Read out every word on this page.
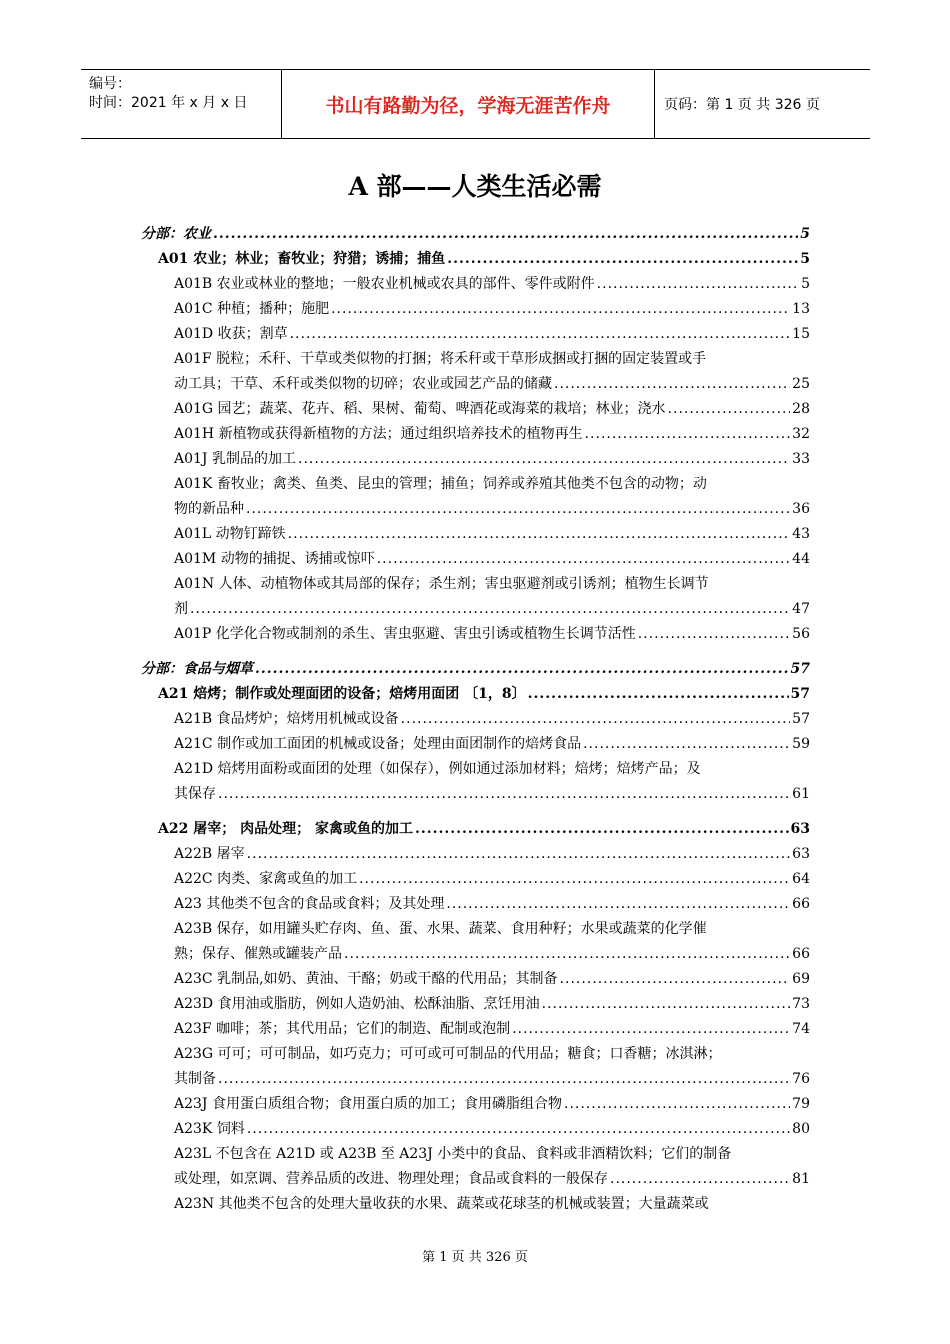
编号：
时间：2021 年 x 月 x 日	书山有路勤为径，学海无涯苦作舟	页码：第 1 页 共 326 页
A 部——人类生活必需
分部：农业 .....	5
A01 农业；林业；畜牧业；狩猎；诱捕；捕鱼 .....	5
A01B 农业或林业的整地；一般农业机械或农具的部件、零件或附件 .....	5
A01C 种植；播种；施肥 .....	13
A01D 收获；割草 .....	15
A01F 脱粒；禾秆、干草或类似物的打捆；将禾秆或干草形成捆或打捆的固定装置或手
动工具；干草、禾秆或类似物的切碎；农业或园艺产品的储藏 .....	25
A01G 园艺；蔬菜、花卉、稻、果树、葡萄、啤酒花或海菜的栽培；林业；浇水 .....	28
A01H 新植物或获得新植物的方法；通过组织培养技术的植物再生 .....	32
A01J 乳制品的加工 .....	33
A01K 畜牧业；禽类、鱼类、昆虫的管理；捕鱼；饲养或养殖其他类不包含的动物；动
物的新品种 .....	36
A01L 动物钉蹄铁 .....	43
A01M 动物的捕捉、诱捕或惊吓 .....	44
A01N 人体、动植物体或其局部的保存；杀生剂；害虫驱避剂或引诱剂；植物生长调节
剂 .....	47
A01P 化学化合物或制剂的杀生、害虫驱避、害虫引诱或植物生长调节活性 .....	56
分部：食品与烟草 .....	57
A21 焙烤；制作或处理面团的设备；焙烤用面团 〔1，8〕 .....	57
A21B 食品烤炉；焙烤用机械或设备 .....	57
A21C 制作或加工面团的机械或设备；处理由面团制作的焙烤食品 .....	59
A21D 焙烤用面粉或面团的处理（如保存），例如通过添加材料；焙烤；焙烤产品；及
其保存 .....	61
A22 屠宰； 肉品处理； 家禽或鱼的加工 .....	63
A22B 屠宰 .....	63
A22C 肉类、家禽或鱼的加工 .....	64
A23 其他类不包含的食品或食料；及其处理 .....	66
A23B 保存，如用罐头贮存肉、鱼、蛋、水果、蔬菜、食用种籽；水果或蔬菜的化学催
熟；保存、催熟或罐装产品 .....	66
A23C 乳制品,如奶、黄油、干酪；奶或干酪的代用品；其制备 .....	69
A23D 食用油或脂肪，例如人造奶油、松酥油脂、烹饪用油 .....	73
A23F 咖啡；茶；其代用品；它们的制造、配制或泡制 .....	74
A23G 可可；可可制品，如巧克力；可可或可可制品的代用品；糖食；口香糖；冰淇淋；
其制备 .....	76
A23J 食用蛋白质组合物；食用蛋白质的加工；食用磷脂组合物 .....	79
A23K 饲料 .....	80
A23L 不包含在 A21D 或 A23B 至 A23J 小类中的食品、食料或非酒精饮料；它们的制备
或处理，如烹调、营养品质的改进、物理处理；食品或食料的一般保存 .....	81
A23N 其他类不包含的处理大量收获的水果、蔬菜或花球茎的机械或装置；大量蔬菜或
第 1 页 共 326 页
